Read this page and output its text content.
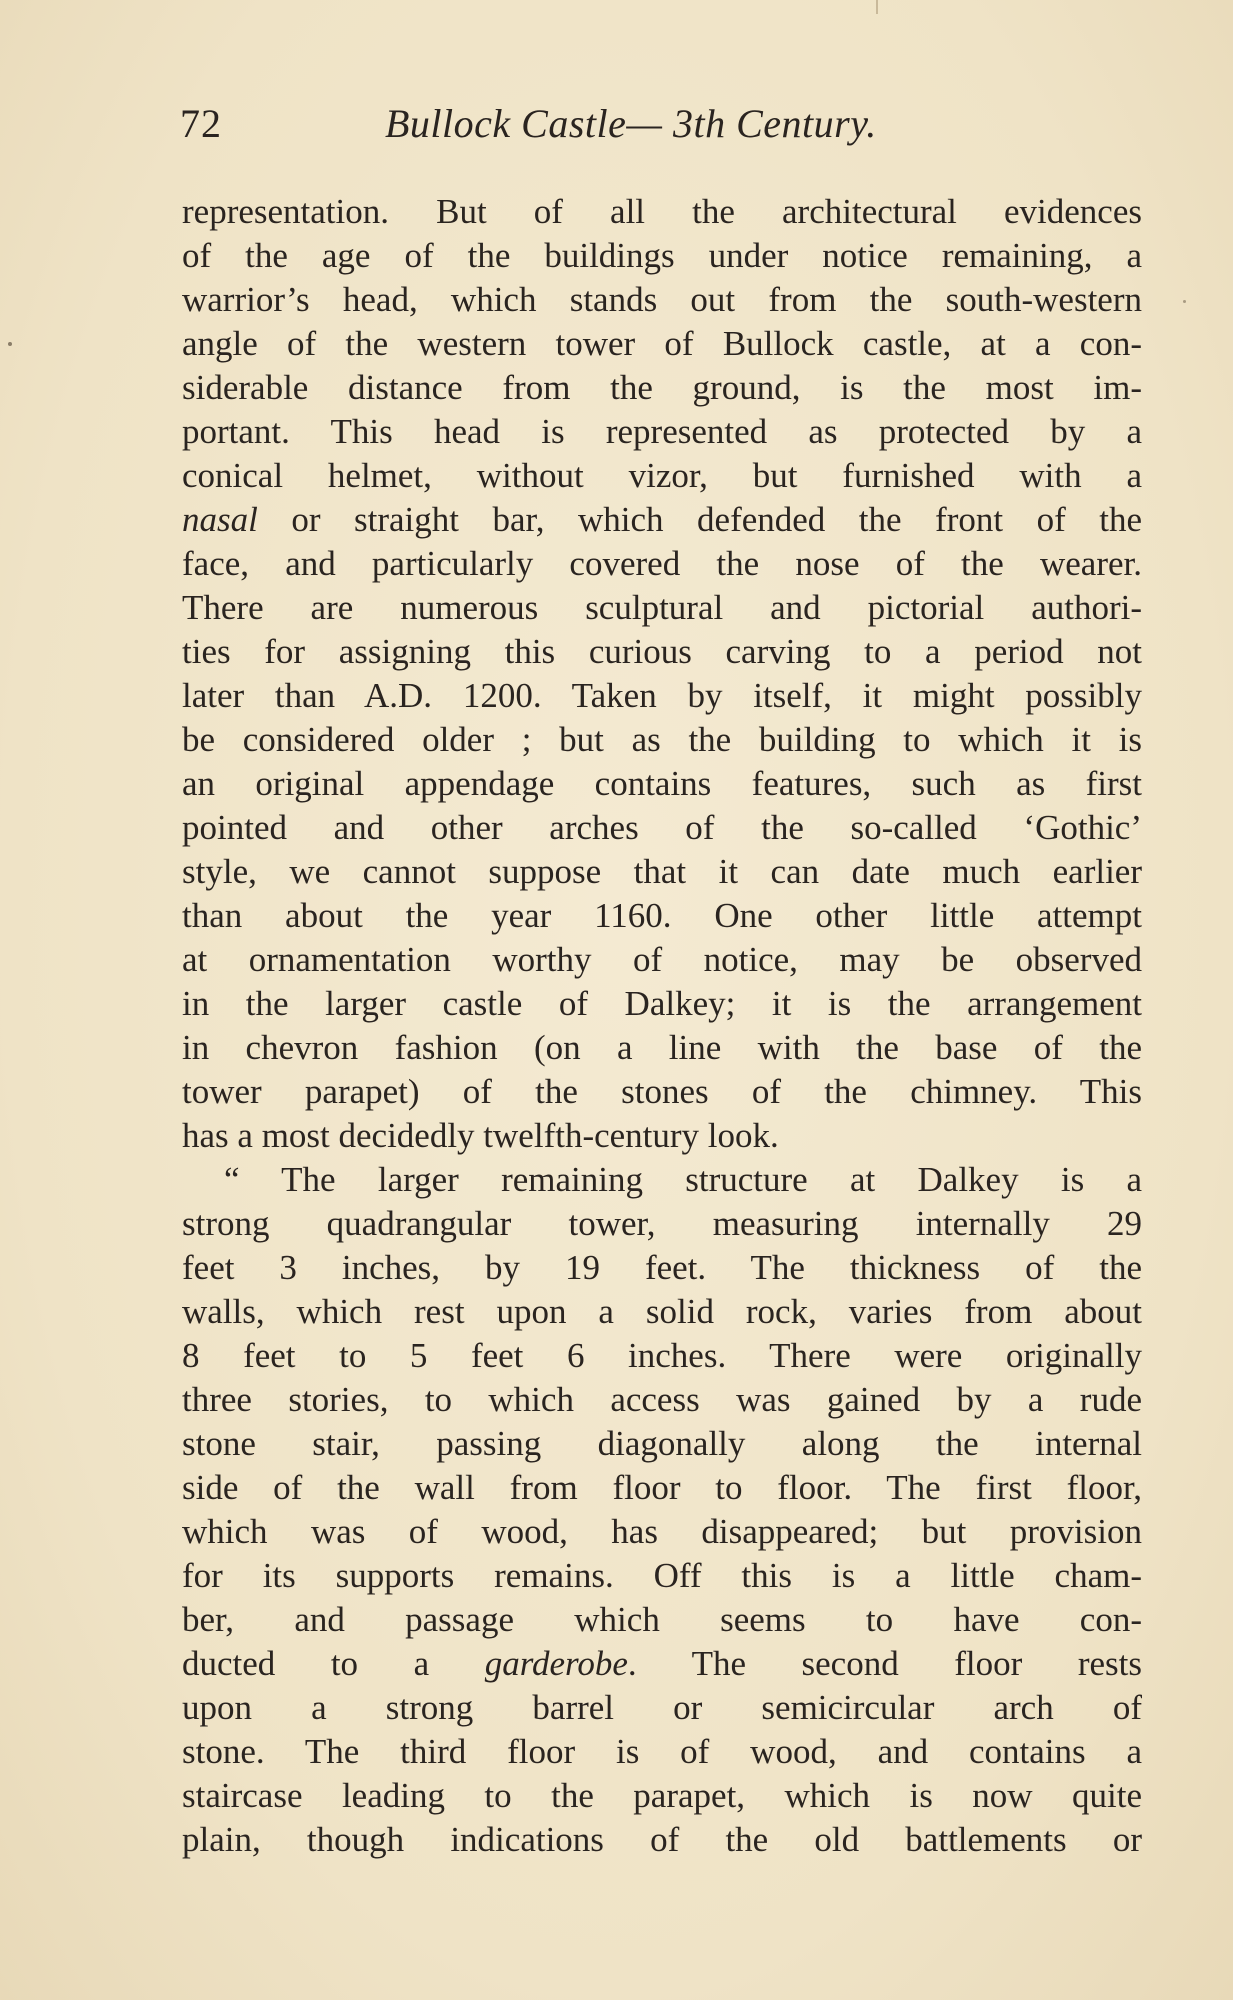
72	Bullock Castle— 3th Century.
representation. But of all the architectural evidences
of the age of the buildings under notice remaining, a
warrior’s head, which stands out from the south-western
angle of the western tower of Bullock castle, at a con-
siderable distance from the ground, is the most im-
portant. This head is represented as protected by a
conical helmet, without vizor, but furnished with a
nasal or straight bar, which defended the front of the
face, and particularly covered the nose of the wearer.
There are numerous sculptural and pictorial authori-
ties for assigning this curious carving to a period not
later than A.D. 1200. Taken by itself, it might possibly
be considered older ; but as the building to which it is
an original appendage contains features, such as first
pointed and other arches of the so-called ‘Gothic’
style, we cannot suppose that it can date much earlier
than about the year 1160. One other little attempt
at ornamentation worthy of notice, may be observed
in the larger castle of Dalkey; it is the arrangement
in chevron fashion (on a line with the base of the
tower parapet) of the stones of the chimney. This
has a most decidedly twelfth-century look.
“ The larger remaining structure at Dalkey is a
strong quadrangular tower, measuring internally 29
feet 3 inches, by 19 feet. The thickness of the
walls, which rest upon a solid rock, varies from about
8 feet to 5 feet 6 inches. There were originally
three stories, to which access was gained by a rude
stone stair, passing diagonally along the internal
side of the wall from floor to floor. The first floor,
which was of wood, has disappeared; but provision
for its supports remains. Off this is a little cham-
ber, and passage which seems to have con-
ducted to a garderobe. The second floor rests
upon a strong barrel or semicircular arch of
stone. The third floor is of wood, and contains a
staircase leading to the parapet, which is now quite
plain, though indications of the old battlements or
